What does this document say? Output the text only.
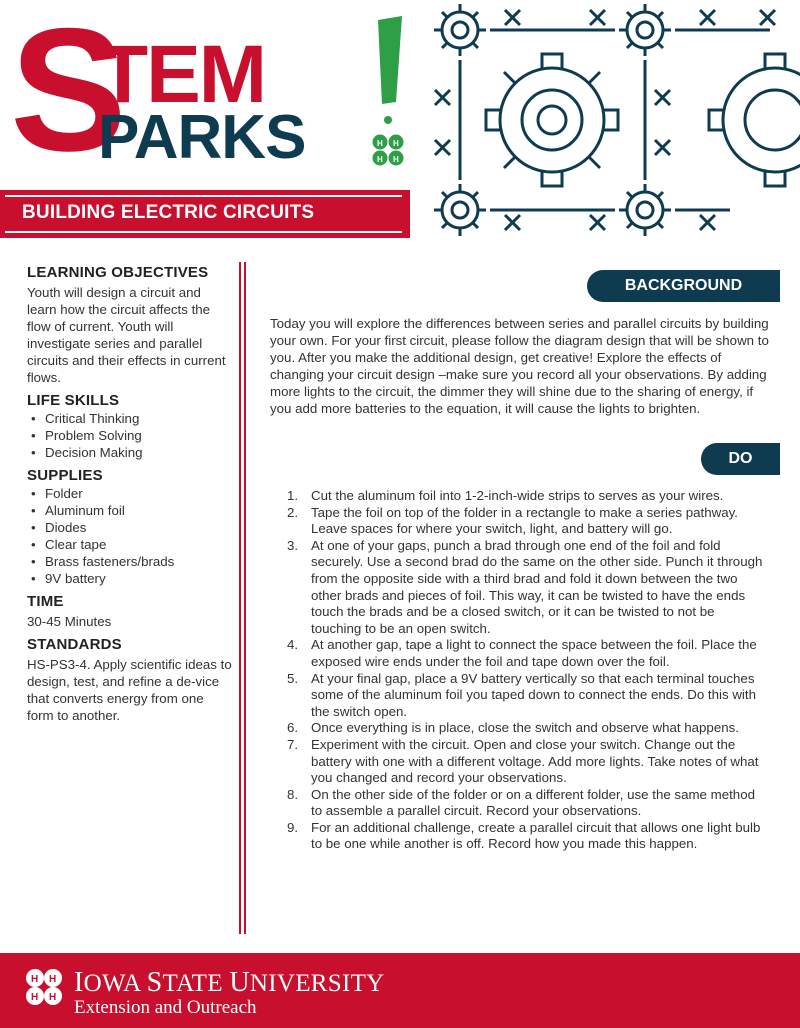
S
TEM
PARKS	H H
H H
BUILDING ELECTRIC CIRCUITS
LEARNING OBJECTIVES

Youth will design a circuit and learn how the circuit affects the flow of current. Youth will investigate series and parallel circuits and their effects in current flows.

LIFE SKILLS
• Critical Thinking
• Problem Solving
• Decision Making
SUPPLIES
• Folder
• Aluminum foil
• Diodes
• Clear tape
• Brass fasteners/brads
• 9V battery
TIME

30-45 Minutes

STANDARDS

HS-PS3-4. Apply scientific ideas to design, test, and refine a de-vice that converts energy from one form to another.

BACKGROUND

Today you will explore the differences between series and parallel circuits by building your own. For your first circuit, please follow the diagram design that will be shown to you. After you make the additional design, get creative! Explore the effects of changing your circuit design –make sure you record all your observations. By adding more lights to the circuit, the dimmer they will shine due to the sharing of energy, if you add more batteries to the equation, it will cause the lights to brighten.

DO
1. Cut the aluminum foil into 1-2-inch-wide strips to serves as your wires.
2. Tape the foil on top of the folder in a rectangle to make a series pathway. Leave spaces for where your switch, light, and battery will go.
3. At one of your gaps, punch a brad through one end of the foil and fold securely. Use a second brad do the same on the other side. Punch it through from the opposite side with a third brad and fold it down between the two other brads and pieces of foil. This way, it can be twisted to have the ends touch the brads and be a closed switch, or it can be twisted to not be touching to be an open switch.
4. At another gap, tape a light to connect the space between the foil. Place the exposed wire ends under the foil and tape down over the foil.
5. At your final gap, place a 9V battery vertically so that each terminal touches some of the aluminum foil you taped down to connect the ends. Do this with the switch open.
6. Once everything is in place, close the switch and observe what happens.
7. Experiment with the circuit. Open and close your switch. Change out the battery with one with a different voltage. Add more lights. Take notes of what you changed and record your observations.
8. On the other side of the folder or on a different folder, use the same method to assemble a parallel circuit. Record your observations.
9. For an additional challenge, create a parallel circuit that allows one light bulb to be one while another is off. Record how you made this happen.
H H
H H IOWA STATE UNIVERSITY
Extension and Outreach
